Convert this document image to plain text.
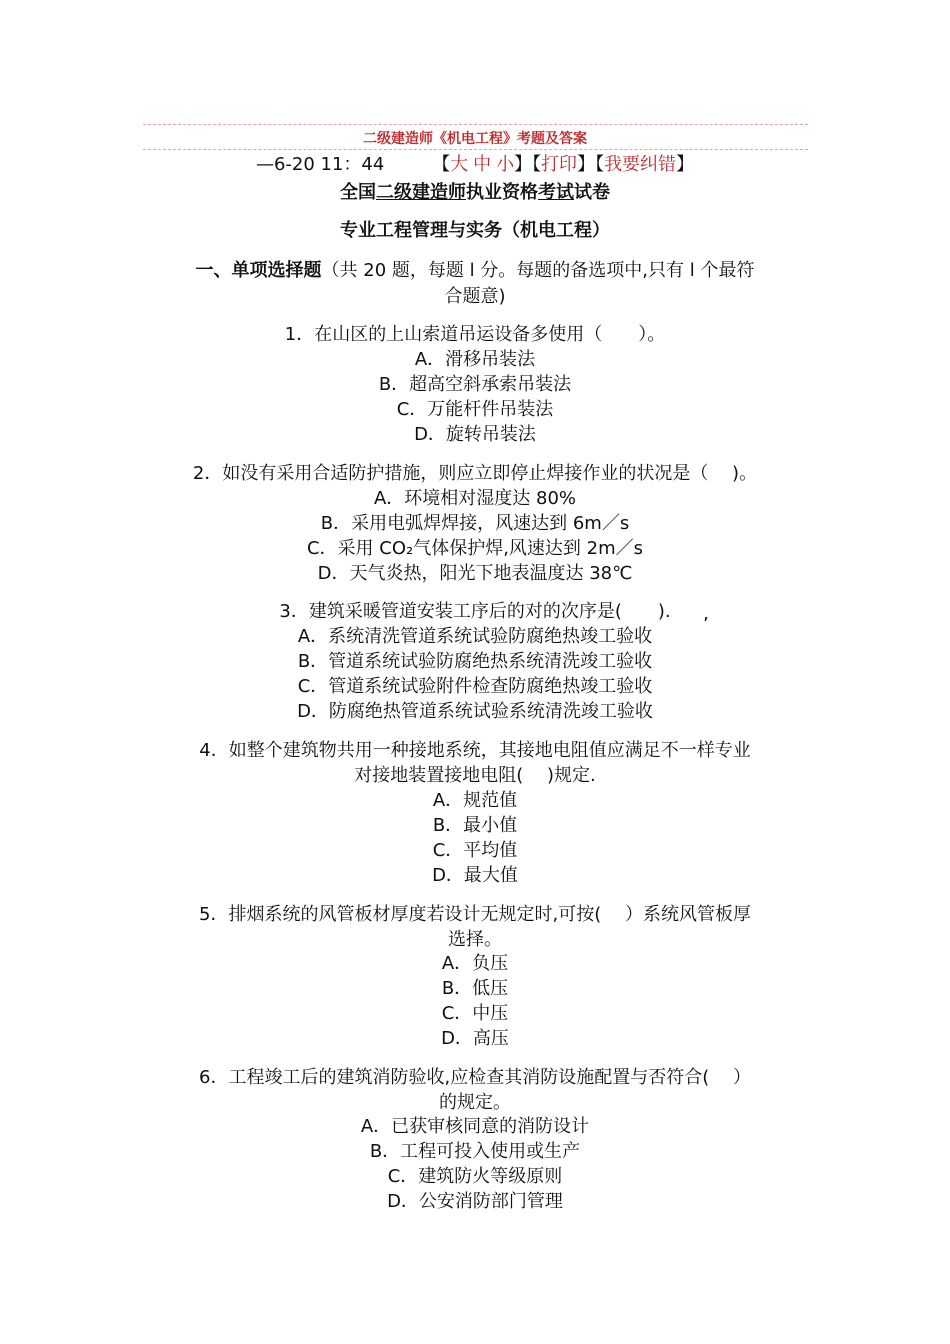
二级建造师《机电工程》考题及答案
—6-20 11：44	【大中小】【打印】【我要纠错】
全国二级建造师执业资格考试试卷
专业工程管理与实务（机电工程）
一、单项选择题（共 20 题，每题 l 分。每题的备选项中,只有 l 个最符
合题意)
1．在山区的上山索道吊运设备多使用（　　）。
A．滑移吊装法
B．超高空斜承索吊装法
C．万能杆件吊装法
D．旋转吊装法
2．如没有采用合适防护措施，则应立即停止焊接作业的状况是（　 )。
A．环境相对湿度达 80%
B．采用电弧焊焊接，风速达到 6m／s
C．采用 CO₂气体保护焊,风速达到 2m／s
D．天气炎热，阳光下地表温度达 38℃
3．建筑采暖管道安装工序后的对的次序是(　　).
A．系统清洗管道系统试验防腐绝热竣工验收
’
B．管道系统试验防腐绝热系统清洗竣工验收
C．管道系统试验附件检查防腐绝热竣工验收
D．防腐绝热管道系统试验系统清洗竣工验收
4．如整个建筑物共用一种接地系统，其接地电阻值应满足不一样专业
对接地装置接地电阻(　 )规定.
A．规范值
B．最小值
C．平均值
D．最大值
5．排烟系统的风管板材厚度若设计无规定时,可按(　 ）系统风管板厚
选择。
A．负压
B．低压
C．中压
D．高压
6．工程竣工后的建筑消防验收,应检查其消防设施配置与否符合(　 ）
的规定。
A．已获审核同意的消防设计
B．工程可投入使用或生产
C．建筑防火等级原则
D．公安消防部门管理
